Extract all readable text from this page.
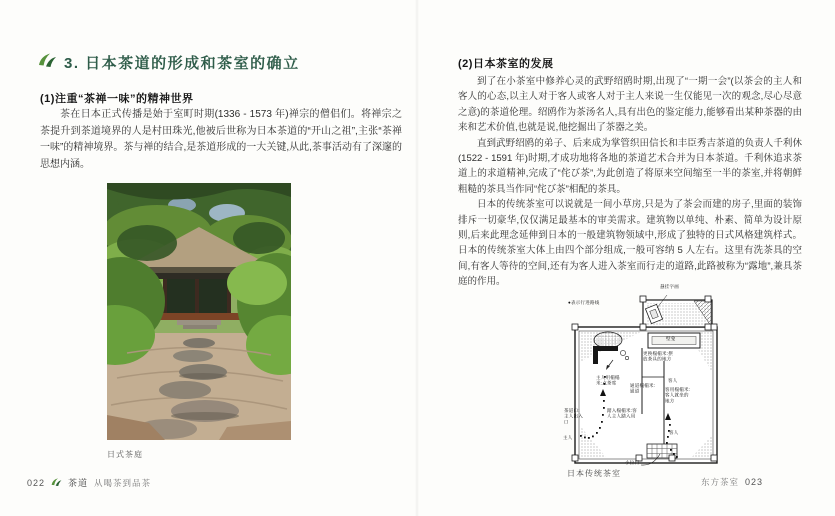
3. 日本茶道的形成和茶室的确立
(1)注重“茶禅一味”的精神世界

茶在日本正式传播是始于室町时期(1336 - 1573 年)禅宗的僧侣们。将禅宗之茶提升到茶道境界的人是村田珠光,他被后世称为日本茶道的“开山之祖”,主张“茶禅一味”的精神境界。茶与禅的结合,是茶道形成的一大关键,从此,茶事活动有了深邃的思想内涵。

日式茶庭
022	茶道 从喝茶到品茶
(2)日本茶室的发展

到了在小茶室中修养心灵的武野绍鸥时期,出现了“一期一会”(以茶会的主人和客人的心态,以主人对于客人或客人对于主人来说一生仅能见一次的观念,尽心尽意之意)的茶道伦理。绍鸥作为茶汤名人,具有出色的鉴定能力,能够看出某种茶器的由来和艺术价值,也就是说,他挖掘出了茶器之美。

直到武野绍鸥的弟子、后来成为掌管织田信长和丰臣秀吉茶道的负责人千利休(1522 - 1591 年)时期,才成功地将各地的茶道艺术合并为日本茶道。千利休追求茶道上的求道精神,完成了“侘び茶”,为此创造了将原来空间缩至一半的茶室,并将朝鲜粗糙的茶具当作同“侘び茶”相配的茶具。

日本的传统茶室可以说就是一间小草房,只是为了茶会而建的房子,里面的装饰排斥一切豪华,仅仅满足最基本的审美需求。建筑物以单纯、朴素、简单为设计原则,后来此理念延伸到日本的一般建筑物领域中,形成了独特的日式风格建筑样式。日本的传统茶室大体上由四个部分组成,一般可容纳 5 人左右。这里有洗茶具的空间,有客人等待的空间,还有为客人进入茶室而行走的道路,此路被称为“露地”,兼具茶庭的作用。

●表示行进路线
悬挂字画
壁龛
主人用榻榻米:点茶席
更换榻榻米:摆放茶具的地方
通道榻榻米:通道
客人
客用榻榻米:客人就坐的地方
茶道口:主人出入口
踏入榻榻米:客人主人踏入用
客人
主人
小拉门
日本传统茶室
东方茶室 023
